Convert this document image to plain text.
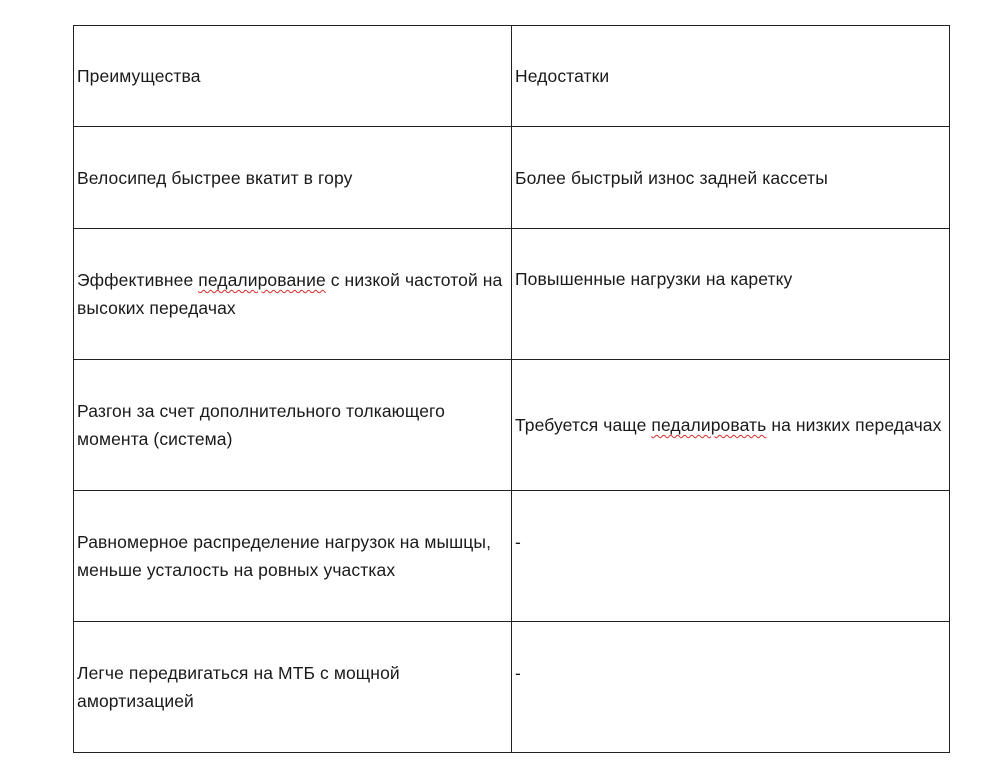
Преимущества	Недостатки
Велосипед быстрее вкатит в гору	Более быстрый износ задней кассеты
Эффективнее педалирование с низкой частотой на высоких передачах	Повышенные нагрузки на каретку
Разгон за счет дополнительного толкающего момента (система)	Требуется чаще педалировать на низких передачах
Равномерное распределение нагрузок на мышцы, меньше усталость на ровных участках	-
Легче передвигаться на МТБ с мощной амортизацией	-
